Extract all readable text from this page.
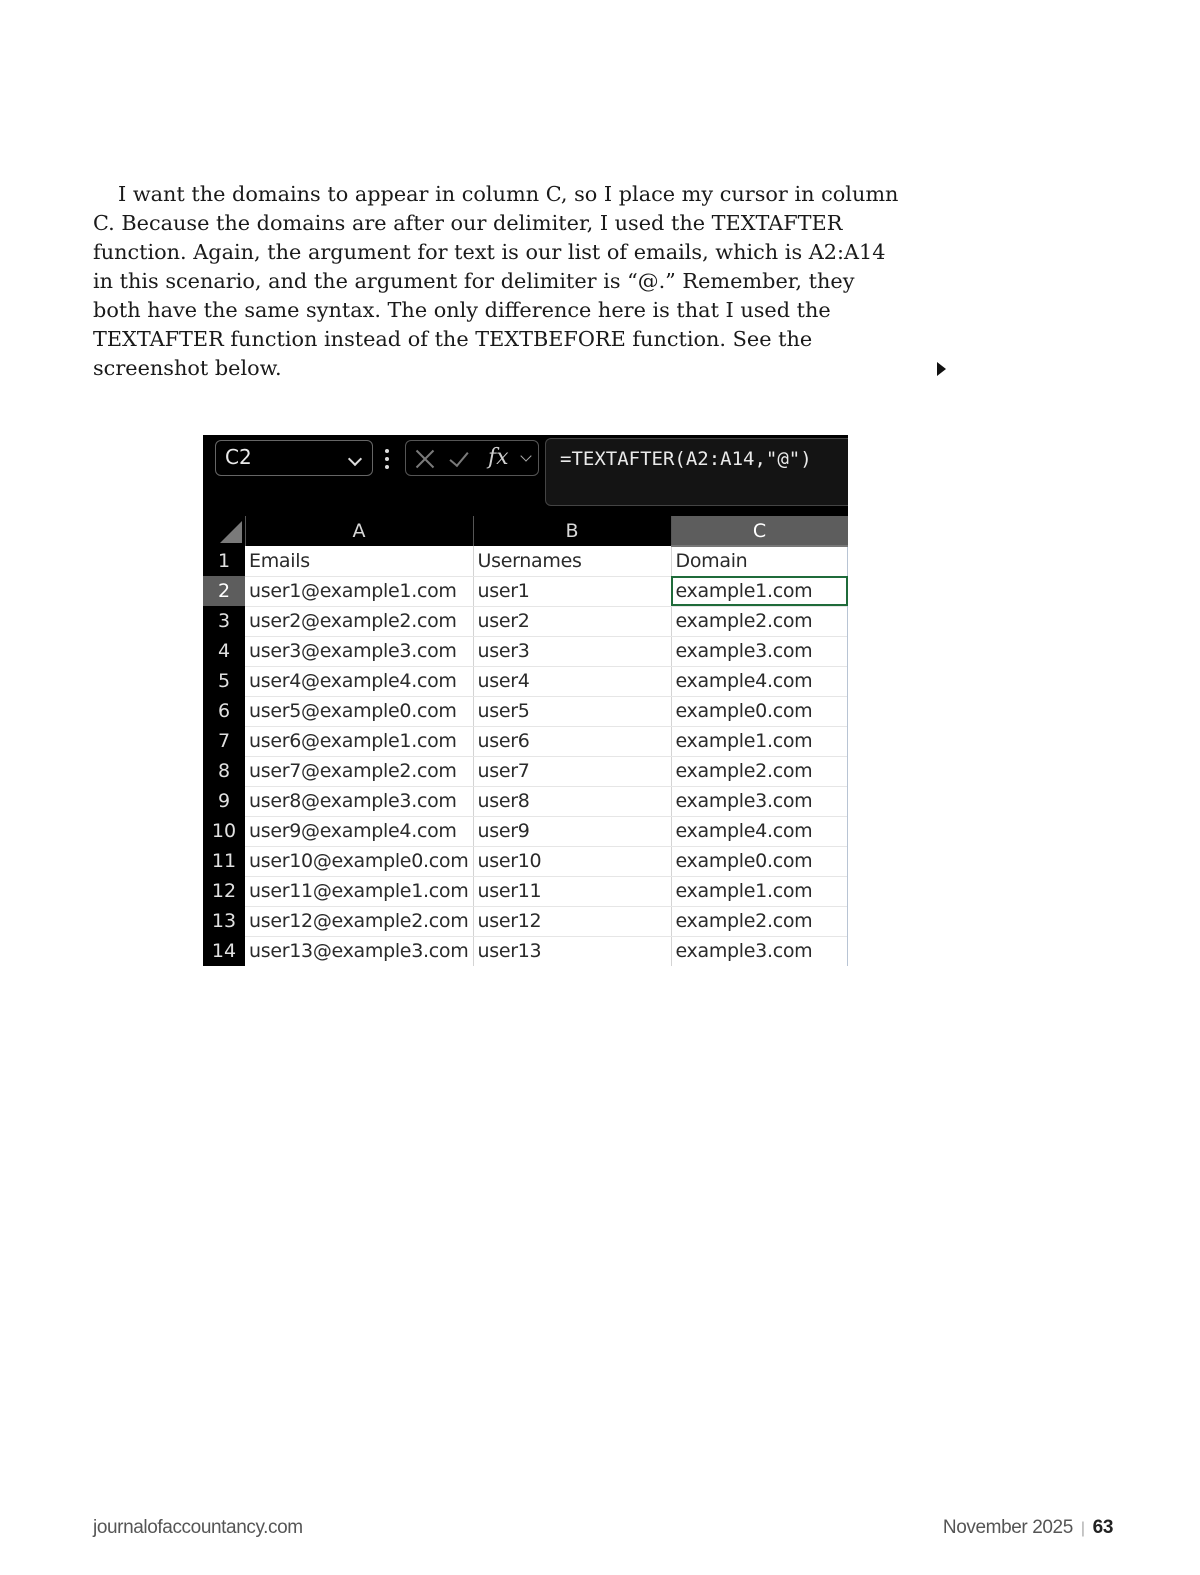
I want the domains to appear in column C, so I place my cursor in column
C. Because the domains are after our delimiter, I used the TEXTAFTER
function. Again, the argument for text is our list of emails, which is A2:A14
in this scenario, and the argument for delimiter is “@.” Remember, they
both have the same syntax. The only difference here is that I used the
TEXTAFTER function instead of the TEXTBEFORE function. See the
screenshot below.

C2	fx	=TEXTAFTER(A2:A14,"@")
	A	B	C
1	Emails	Usernames	Domain
2	user1@example1.com	user1	example1.com
3	user2@example2.com	user2	example2.com
4	user3@example3.com	user3	example3.com
5	user4@example4.com	user4	example4.com
6	user5@example0.com	user5	example0.com
7	user6@example1.com	user6	example1.com
8	user7@example2.com	user7	example2.com
9	user8@example3.com	user8	example3.com
10	user9@example4.com	user9	example4.com
11	user10@example0.com	user10	example0.com
12	user11@example1.com	user11	example1.com
13	user12@example2.com	user12	example2.com
14	user13@example3.com	user13	example3.com
journalofaccountancy.com	November 2025 | 63
